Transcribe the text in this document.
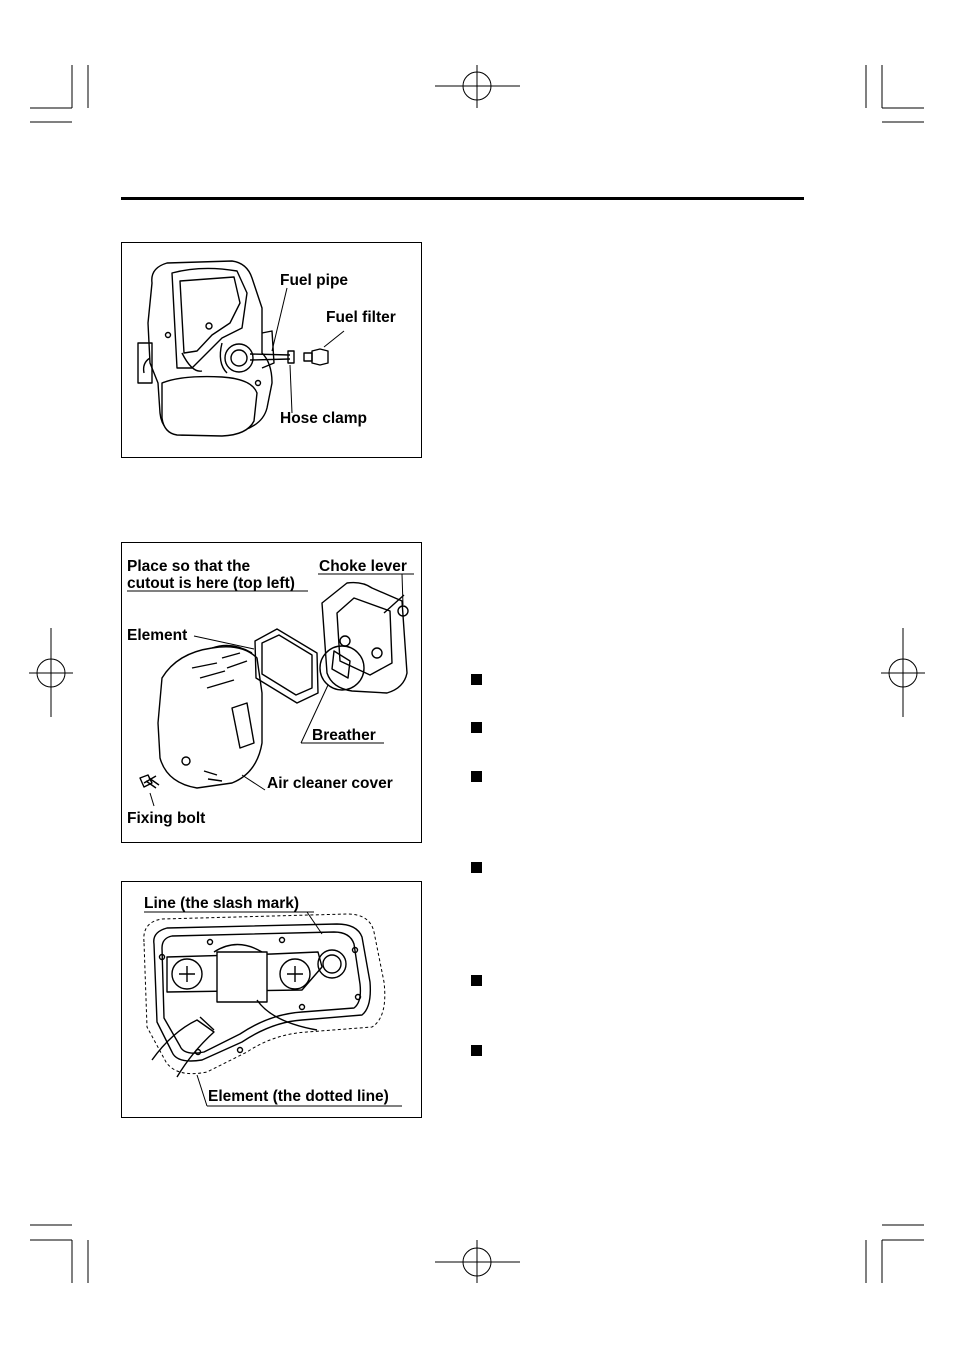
Fuel pipe
Fuel filter
Hose clamp
Place so that the
cutout is here (top left)
Choke lever
Element
Breather
Air cleaner cover
Fixing bolt
Line (the slash mark)
Element (the dotted line)
